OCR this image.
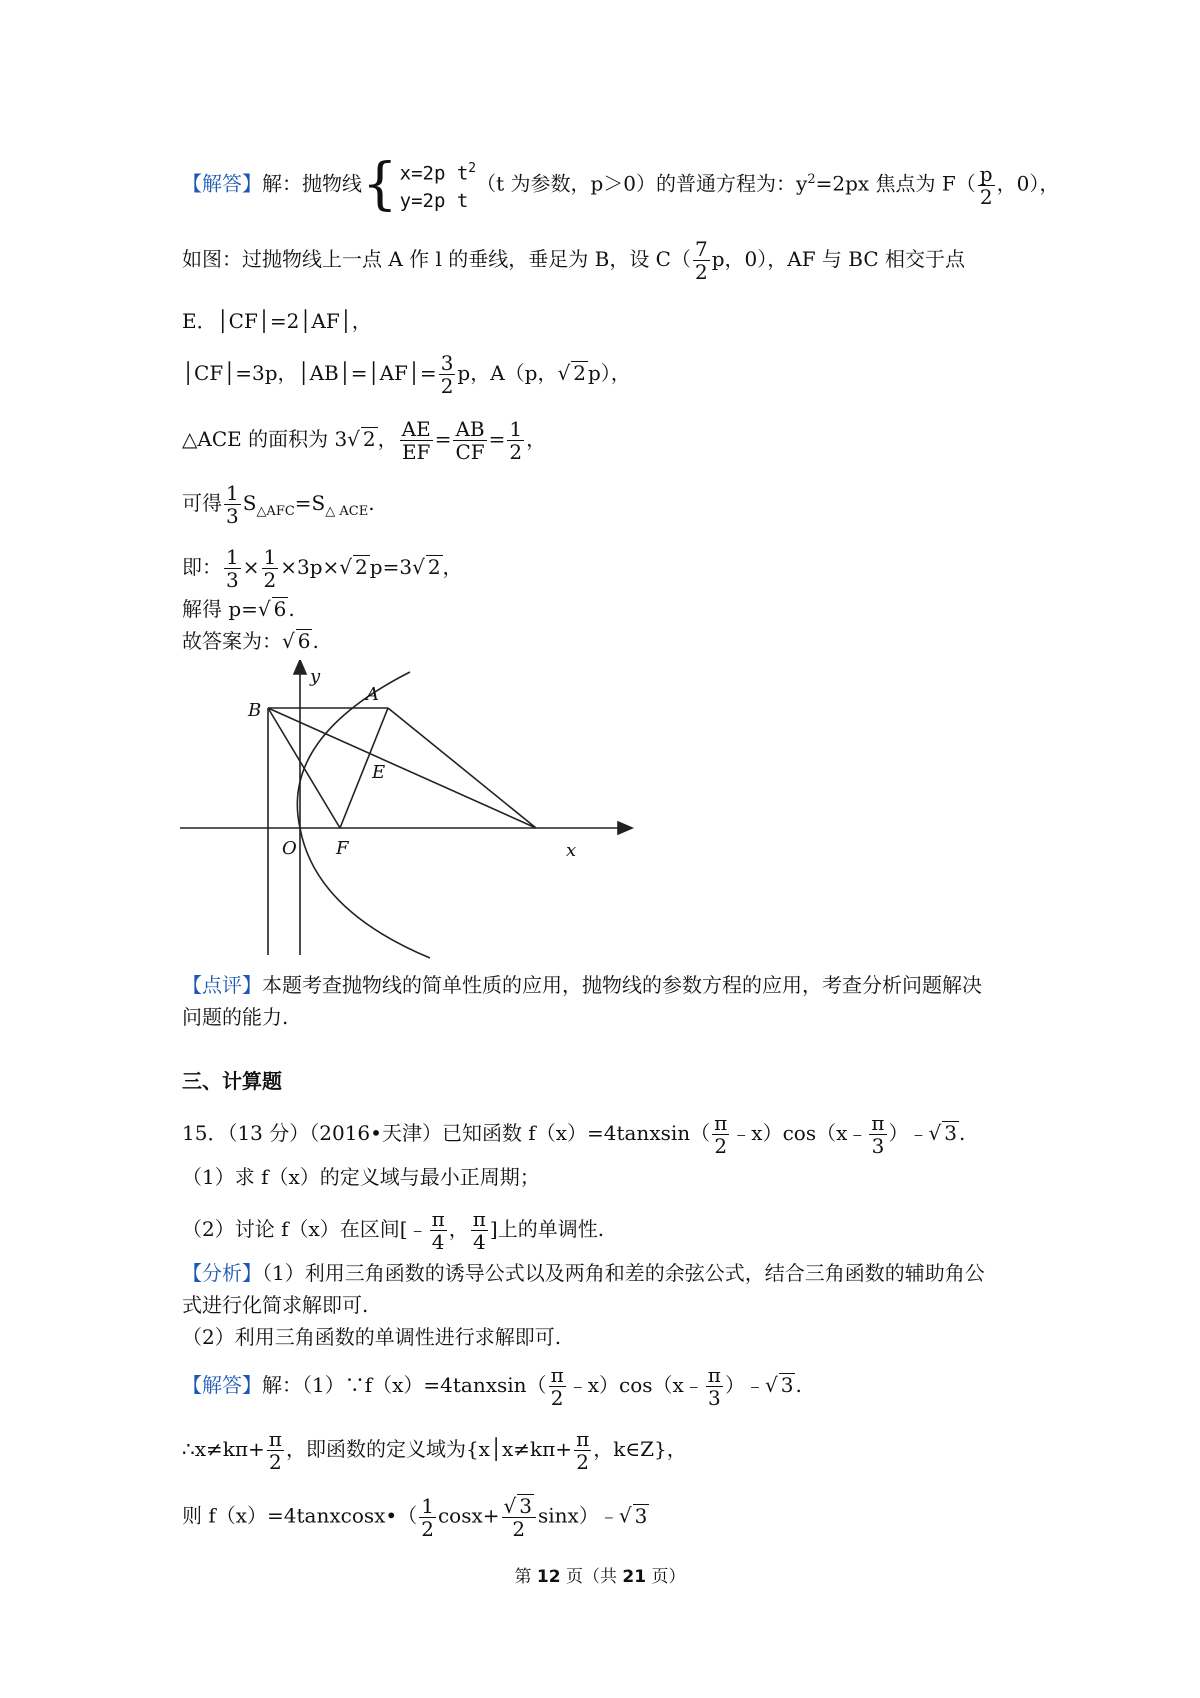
【解答】解：抛物线{ x=2p $t^2$
y=2p t
（t 为参数，p＞0）的普通方程为：$y^2=2px$ 焦点为 $F( \frac{p}{2}$ ，0），
如图：过抛物线上一点 A 作 l 的垂线，垂足为 B，设 $C( \frac{7}{2}$ p，0），AF 与 BC 相交于点
E．│CF│=2│AF│，
│CF│=3p，│AB│=│AF│= $\frac{3}{2}$ p，A（p，√ 2 p），
△ACE 的面积为 3√ 2 ， $\frac{AE}{EF} = \frac{AB}{CF} = \frac{1}{2}$ ，
可得 $\frac{1}{3} S_{\triangle AFC}=S_{\triangle ACE}$.
即： $\frac{1}{3} \times \frac{1}{2} \times 3p\times√$ 2 p=3√ 2 ，
解得 p=√ 6 .
故答案为：√ 6 .
y
x
A
B
E
O F
【点评】本题考查抛物线的简单性质的应用，抛物线的参数方程的应用，考查分析问题解决
问题的能力.
三、计算题
15．（13 分）（2016•天津）已知函数 f（x）=4tanxsin（ $\frac{\pi}{2}$ ﹣x）cos（x﹣ $\frac{\pi}{3}$ ）﹣√ 3 .
（1）求 f（x）的定义域与最小正周期；
（2）讨论 f（x）在区间[﹣ $\frac{\pi}{4}$ ， $\frac{\pi}{4}$ ]上的单调性.
【分析】（1）利用三角函数的诱导公式以及两角和差的余弦公式，结合三角函数的辅助角公
式进行化简求解即可.
（2）利用三角函数的单调性进行求解即可.
【解答】解：（1）∵f（x）=4tanxsin（ $\frac{\pi}{2}$ ﹣x）cos（x﹣ $\frac{\pi}{3}$ ）﹣√ 3 .
∴x≠kπ+ $\frac{\pi}{2}$ ，即函数的定义域为{x│x≠kπ+ $\frac{\pi}{2}$ ，k∈Z}，
则 f（x）=4tanxcosx•（ $\frac{1}{2} \cos x+ \frac{√ 3}{2}$ sinx）﹣√ 3
第 12 页（共 21 页）
